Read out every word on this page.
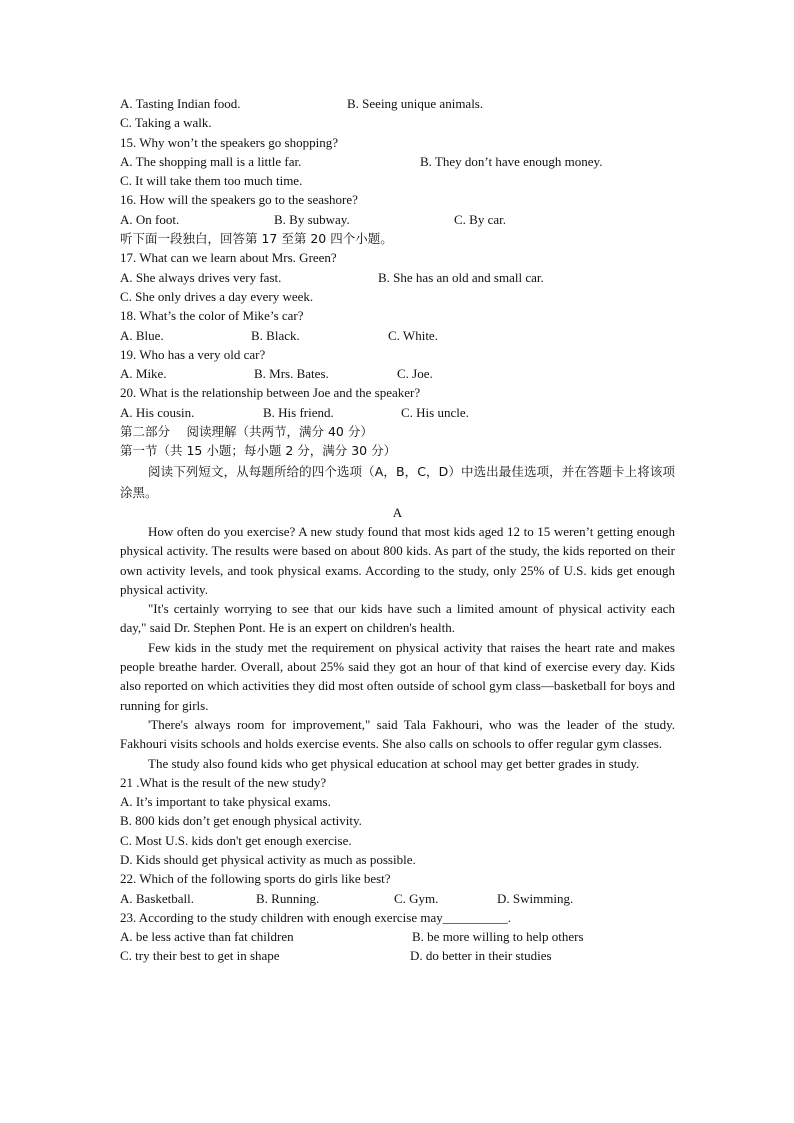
A. Tasting Indian food.	B. Seeing unique animals.
C. Taking a walk.
15. Why won’t the speakers go shopping?
A. The shopping mall is a little far.	B. They don’t have enough money.
C. It will take them too much time.
16. How will the speakers go to the seashore?
A. On foot.	B. By subway.	C. By car.
听下面一段独白，回答第 17 至第 20 四个小题。
17. What can we learn about Mrs. Green?
A. She always drives very fast.	B. She has an old and small car.
C. She only drives a day every week.
18. What’s the color of Mike’s car?
A. Blue.	B. Black.	C. White.
19. Who has a very old car?
A. Mike.	B. Mrs. Bates.	C. Joe.
20. What is the relationship between Joe and the speaker?
A. His cousin.	B. His friend.	C. His uncle.
第二部分　 阅读理解（共两节，满分 40 分）
第一节（共 15 小题；每小题 2 分，满分 30 分）

阅读下列短文，从每题所给的四个选项（A，B，C，D）中选出最佳选项，并在答题卡上将该项涂黑。

A

How often do you exercise? A new study found that most kids aged 12 to 15 weren’t getting enough physical activity. The results were based on about 800 kids. As part of the study, the kids reported on their own activity levels, and took physical exams. According to the study, only 25% of U.S. kids get enough physical activity.

"It's certainly worrying to see that our kids have such a limited amount of physical activity each day," said Dr. Stephen Pont. He is an expert on children's health.

Few kids in the study met the requirement on physical activity that raises the heart rate and makes people breathe harder. Overall, about 25% said they got an hour of that kind of exercise every day. Kids also reported on which activities they did most often outside of school gym class—basketball for boys and running for girls.

'There's always room for improvement," said Tala Fakhouri, who was the leader of the study. Fakhouri visits schools and holds exercise events. She also calls on schools to offer regular gym classes.

The study also found kids who get physical education at school may get better grades in study.

21 .What is the result of the new study?
A. It’s important to take physical exams.
B. 800 kids don’t get enough physical activity.
C. Most U.S. kids don't get enough exercise.
D. Kids should get physical activity as much as possible.
22. Which of the following sports do girls like best?
A. Basketball.	B. Running.	C. Gym.	D. Swimming.
23. According to the study children with enough exercise may__________.
A. be less active than fat children	B. be more willing to help others
C. try their best to get in shape	D. do better in their studies
